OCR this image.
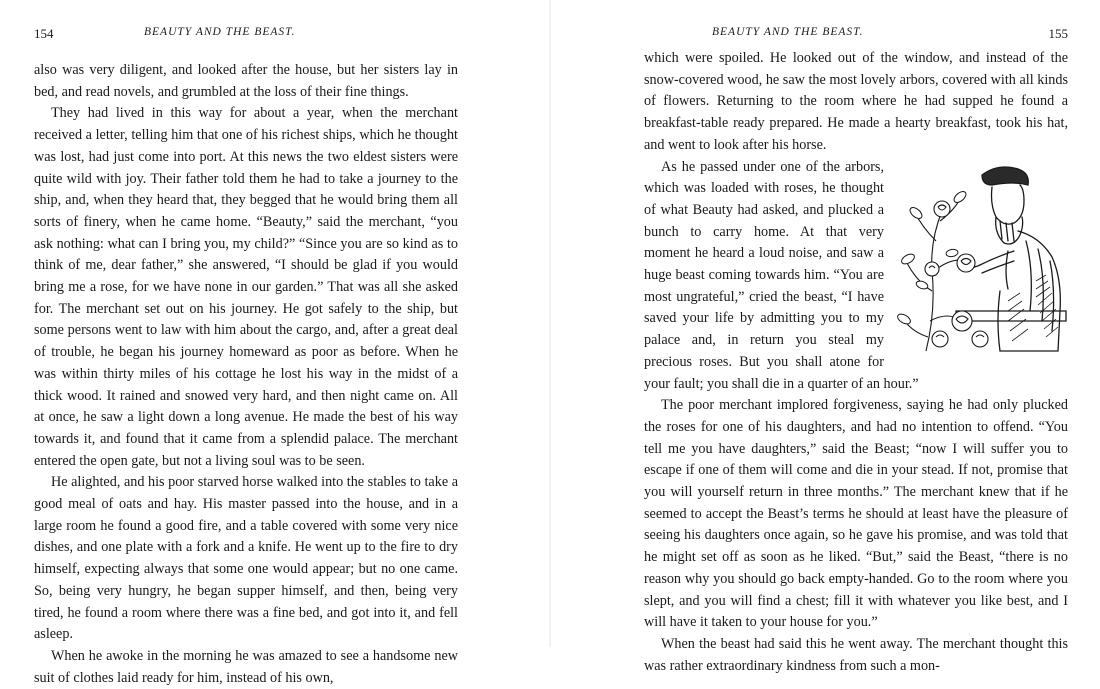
154	BEAUTY AND THE BEAST.

also was very diligent, and looked after the house, but her sisters lay in bed, and read novels, and grumbled at the loss of their fine things.

They had lived in this way for about a year, when the merchant received a letter, telling him that one of his richest ships, which he thought was lost, had just come into port. At this news the two eldest sisters were quite wild with joy. Their father told them he had to take a journey to the ship, and, when they heard that, they begged that he would bring them all sorts of finery, when he came home. “Beauty,” said the merchant, “you ask nothing: what can I bring you, my child?” “Since you are so kind as to think of me, dear father,” she answered, “I should be glad if you would bring me a rose, for we have none in our garden.” That was all she asked for. The merchant set out on his journey. He got safely to the ship, but some persons went to law with him about the cargo, and, after a great deal of trouble, he began his journey homeward as poor as before. When he was within thirty miles of his cottage he lost his way in the midst of a thick wood. It rained and snowed very hard, and then night came on. All at once, he saw a light down a long avenue. He made the best of his way towards it, and found that it came from a splendid palace. The merchant entered the open gate, but not a living soul was to be seen.

He alighted, and his poor starved horse walked into the stables to take a good meal of oats and hay. His master passed into the house, and in a large room he found a good fire, and a table covered with some very nice dishes, and one plate with a fork and a knife. He went up to the fire to dry himself, expecting always that some one would appear; but no one came. So, being very hungry, he began supper himself, and then, being very tired, he found a room where there was a fine bed, and got into it, and fell asleep.

When he awoke in the morning he was amazed to see a handsome new suit of clothes laid ready for him, instead of his own,

BEAUTY AND THE BEAST.	155

which were spoiled. He looked out of the window, and instead of the snow-covered wood, he saw the most lovely arbors, covered with all kinds of flowers. Returning to the room where he had supped he found a breakfast-table ready prepared. He made a hearty breakfast, took his hat, and went to look after his horse.

As he passed under one of the arbors, which was loaded with roses, he thought of what Beauty had asked, and plucked a bunch to carry home. At that very moment he heard a loud noise, and saw a huge beast coming towards him. “You are most ungrateful,” cried the beast, “I have saved your life by admitting you to my palace and, in return you steal my precious roses. But you shall atone for your fault; you shall die in a quarter of an hour.”

The poor merchant implored forgiveness, saying he had only plucked the roses for one of his daughters, and had no intention to offend. “You tell me you have daughters,” said the Beast; “now I will suffer you to escape if one of them will come and die in your stead. If not, promise that you will yourself return in three months.” The merchant knew that if he seemed to accept the Beast’s terms he should at least have the pleasure of seeing his daughters once again, so he gave his promise, and was told that he might set off as soon as he liked. “But,” said the Beast, “there is no reason why you should go back empty-handed. Go to the room where you slept, and you will find a chest; fill it with whatever you like best, and I will have it taken to your house for you.”

When the beast had said this he went away. The merchant thought this was rather extraordinary kindness from such a mon-
